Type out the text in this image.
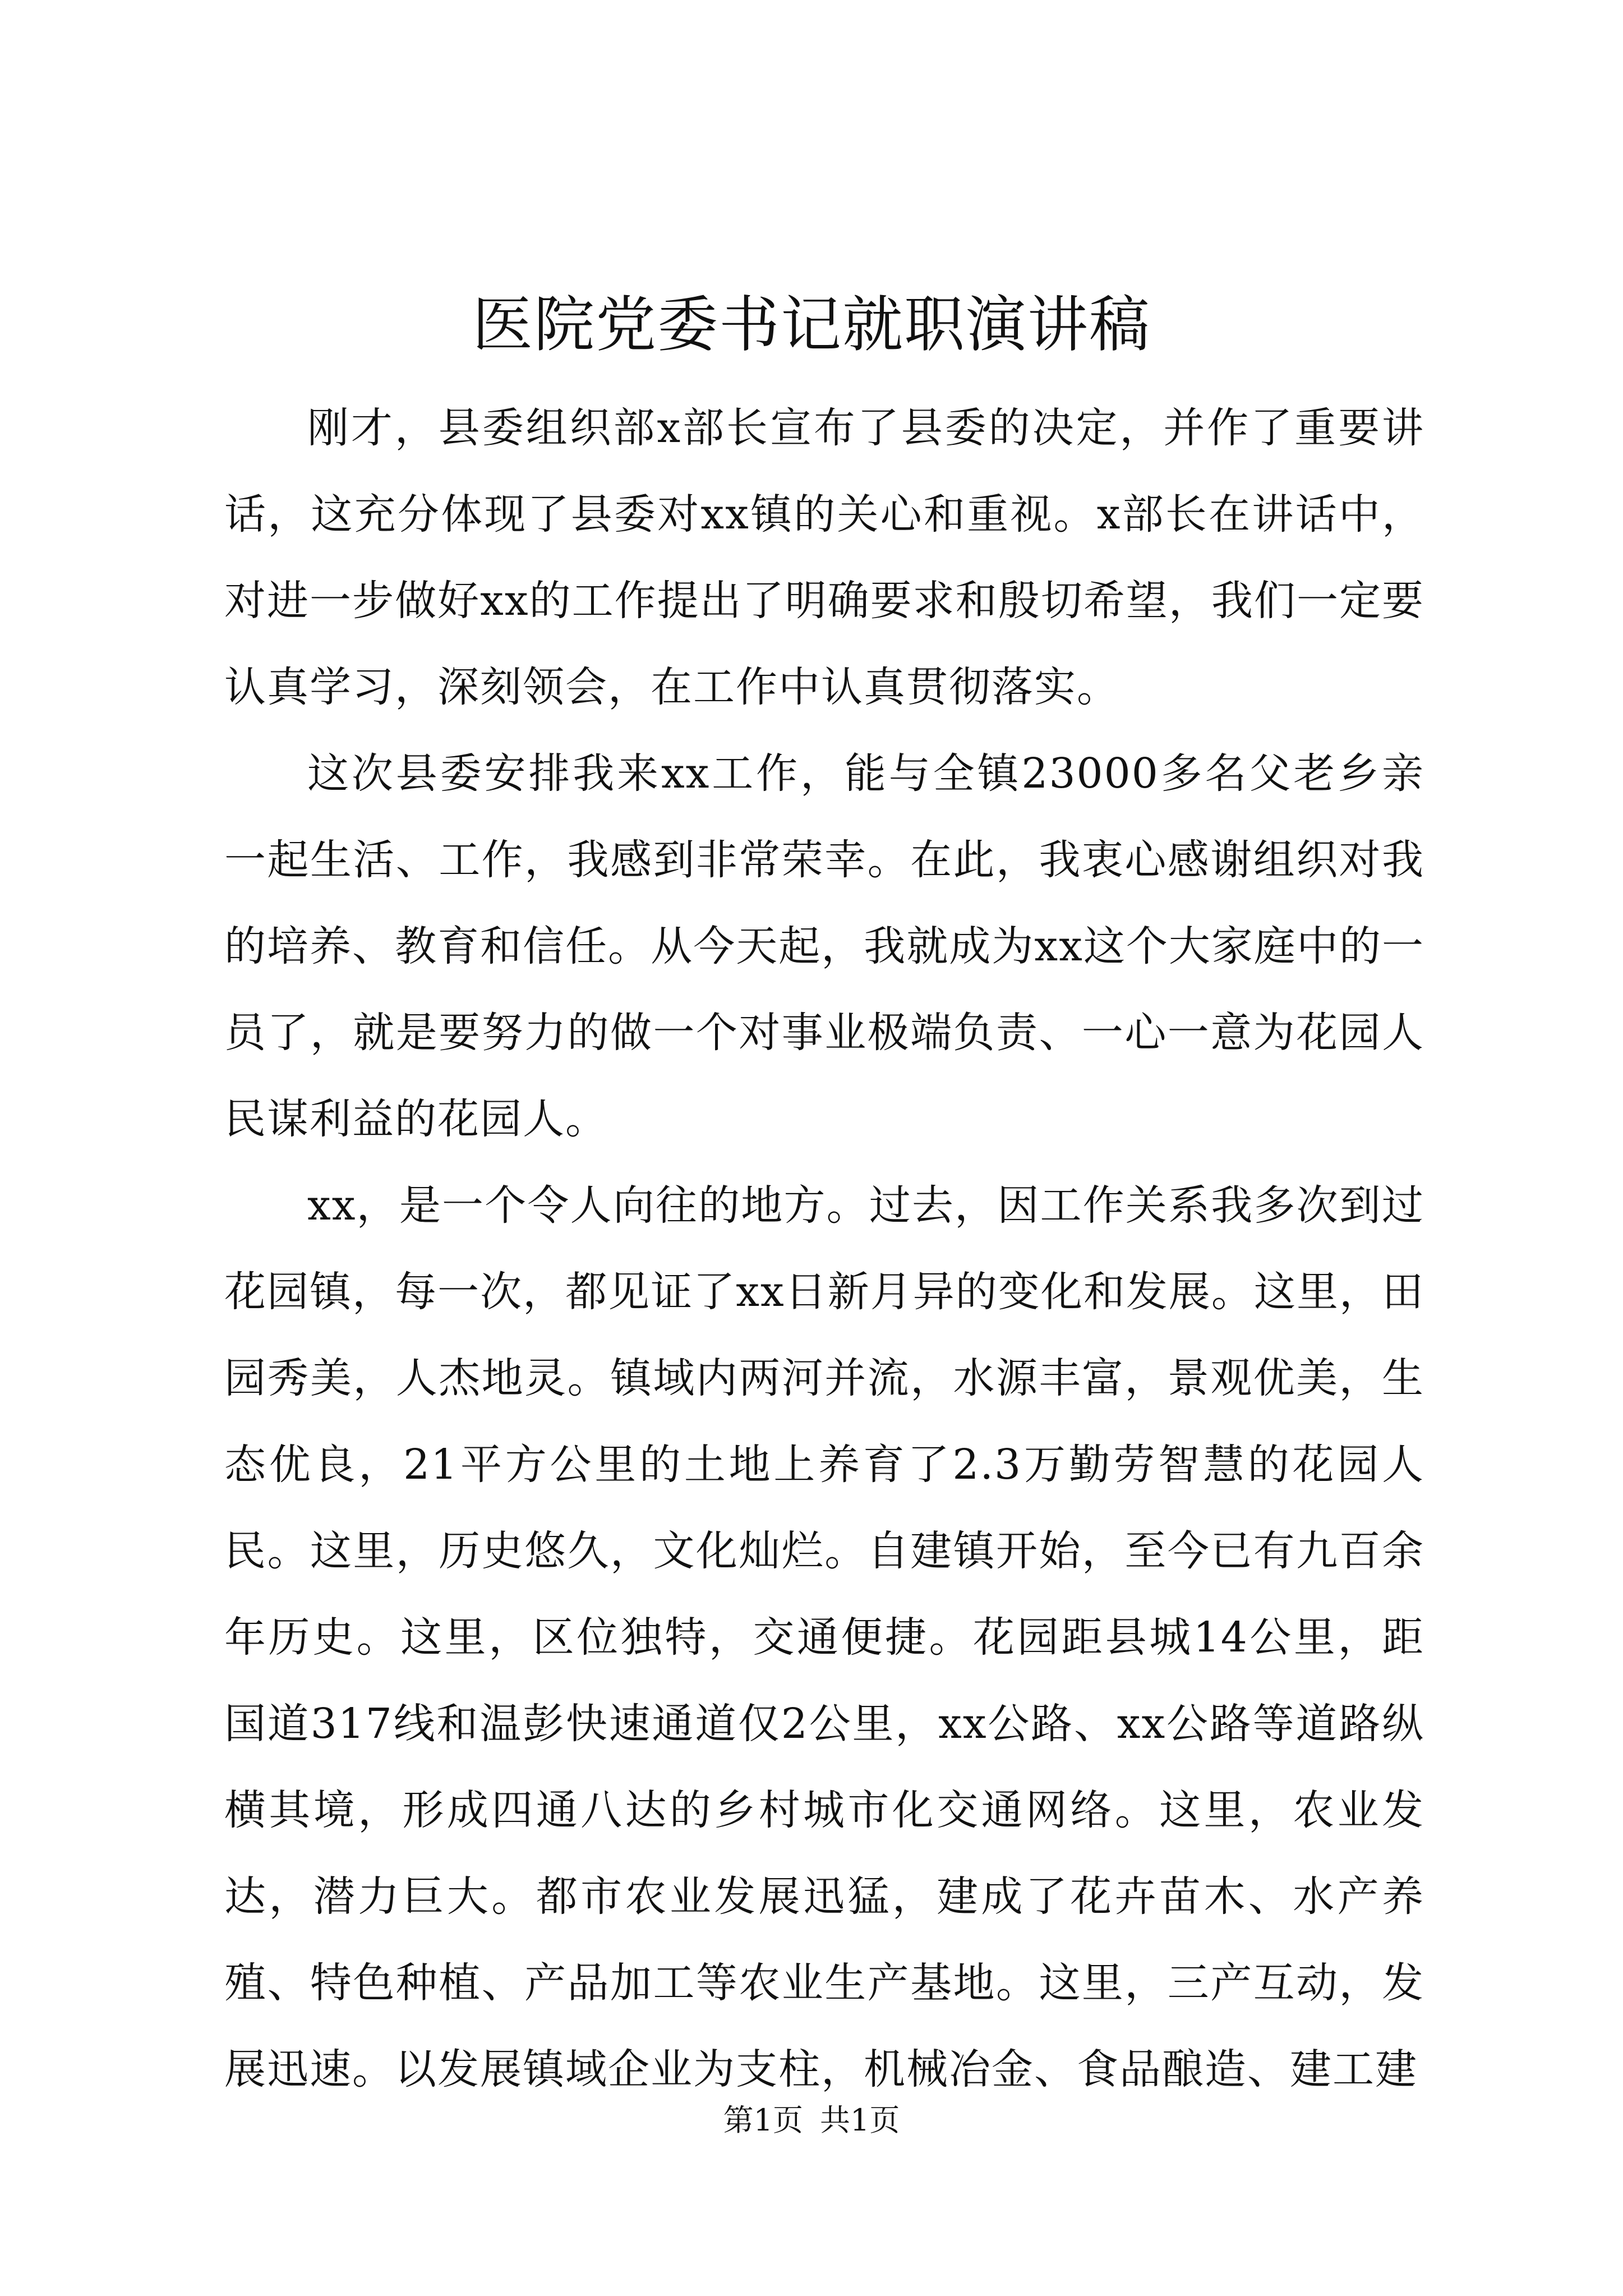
医院党委书记就职演讲稿

刚才，县委组织部x部长宣布了县委的决定，并作了重要讲话，这充分体现了县委对xx镇的关心和重视。x部长在讲话中，对进一步做好xx的工作提出了明确要求和殷切希望，我们一定要认真学习，深刻领会，在工作中认真贯彻落实。

这次县委安排我来xx工作，能与全镇23000多名父老乡亲一起生活、工作，我感到非常荣幸。在此，我衷心感谢组织对我的培养、教育和信任。从今天起，我就成为xx这个大家庭中的一员了，就是要努力的做一个对事业极端负责、一心一意为花园人民谋利益的花园人。

xx，是一个令人向往的地方。过去，因工作关系我多次到过花园镇，每一次，都见证了xx日新月异的变化和发展。这里，田园秀美，人杰地灵。镇域内两河并流，水源丰富，景观优美，生态优良，21平方公里的土地上养育了2.3万勤劳智慧的花园人民。这里，历史悠久，文化灿烂。自建镇开始，至今已有九百余年历史。这里，区位独特，交通便捷。花园距县城14公里，距国道317线和温彭快速通道仅2公里，xx公路、xx公路等道路纵横其境，形成四通八达的乡村城市化交通网络。这里，农业发达，潜力巨大。都市农业发展迅猛，建成了花卉苗木、水产养殖、特色种植、产品加工等农业生产基地。这里，三产互动，发展迅速。以发展镇域企业为支柱，机械冶金、食品酿造、建工建

第1页 共1页
